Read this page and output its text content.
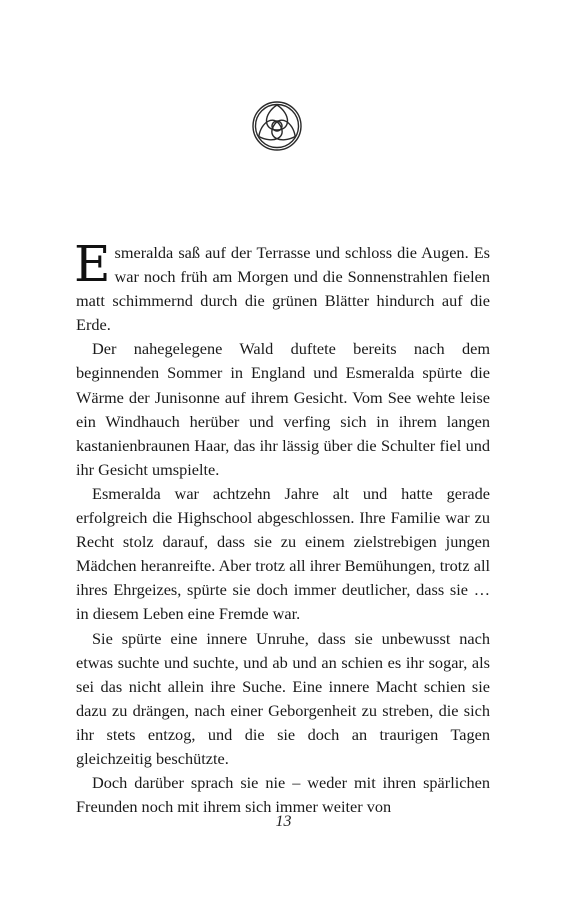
Esmeralda saß auf der Terrasse und schloss die Augen. Es war noch früh am Morgen und die Sonnenstrahlen fielen matt schimmernd durch die grünen Blätter hindurch auf die Erde.

Der nahegelegene Wald duftete bereits nach dem beginnenden Sommer in England und Esmeralda spürte die Wärme der Junisonne auf ihrem Gesicht. Vom See wehte leise ein Windhauch herüber und verfing sich in ihrem langen kastanienbraunen Haar, das ihr lässig über die Schulter fiel und ihr Gesicht umspielte.

Esmeralda war achtzehn Jahre alt und hatte gerade erfolgreich die Highschool abgeschlossen. Ihre Familie war zu Recht stolz darauf, dass sie zu einem zielstrebigen jungen Mädchen heranreifte. Aber trotz all ihrer Bemühungen, trotz all ihres Ehrgeizes, spürte sie doch immer deutlicher, dass sie … in diesem Leben eine Fremde war.

Sie spürte eine innere Unruhe, dass sie unbewusst nach etwas suchte und suchte, und ab und an schien es ihr sogar, als sei das nicht allein ihre Suche. Eine innere Macht schien sie dazu zu drängen, nach einer Geborgenheit zu streben, die sich ihr stets entzog, und die sie doch an traurigen Tagen gleichzeitig beschützte.

Doch darüber sprach sie nie – weder mit ihren spärlichen Freunden noch mit ihrem sich immer weiter von

13
